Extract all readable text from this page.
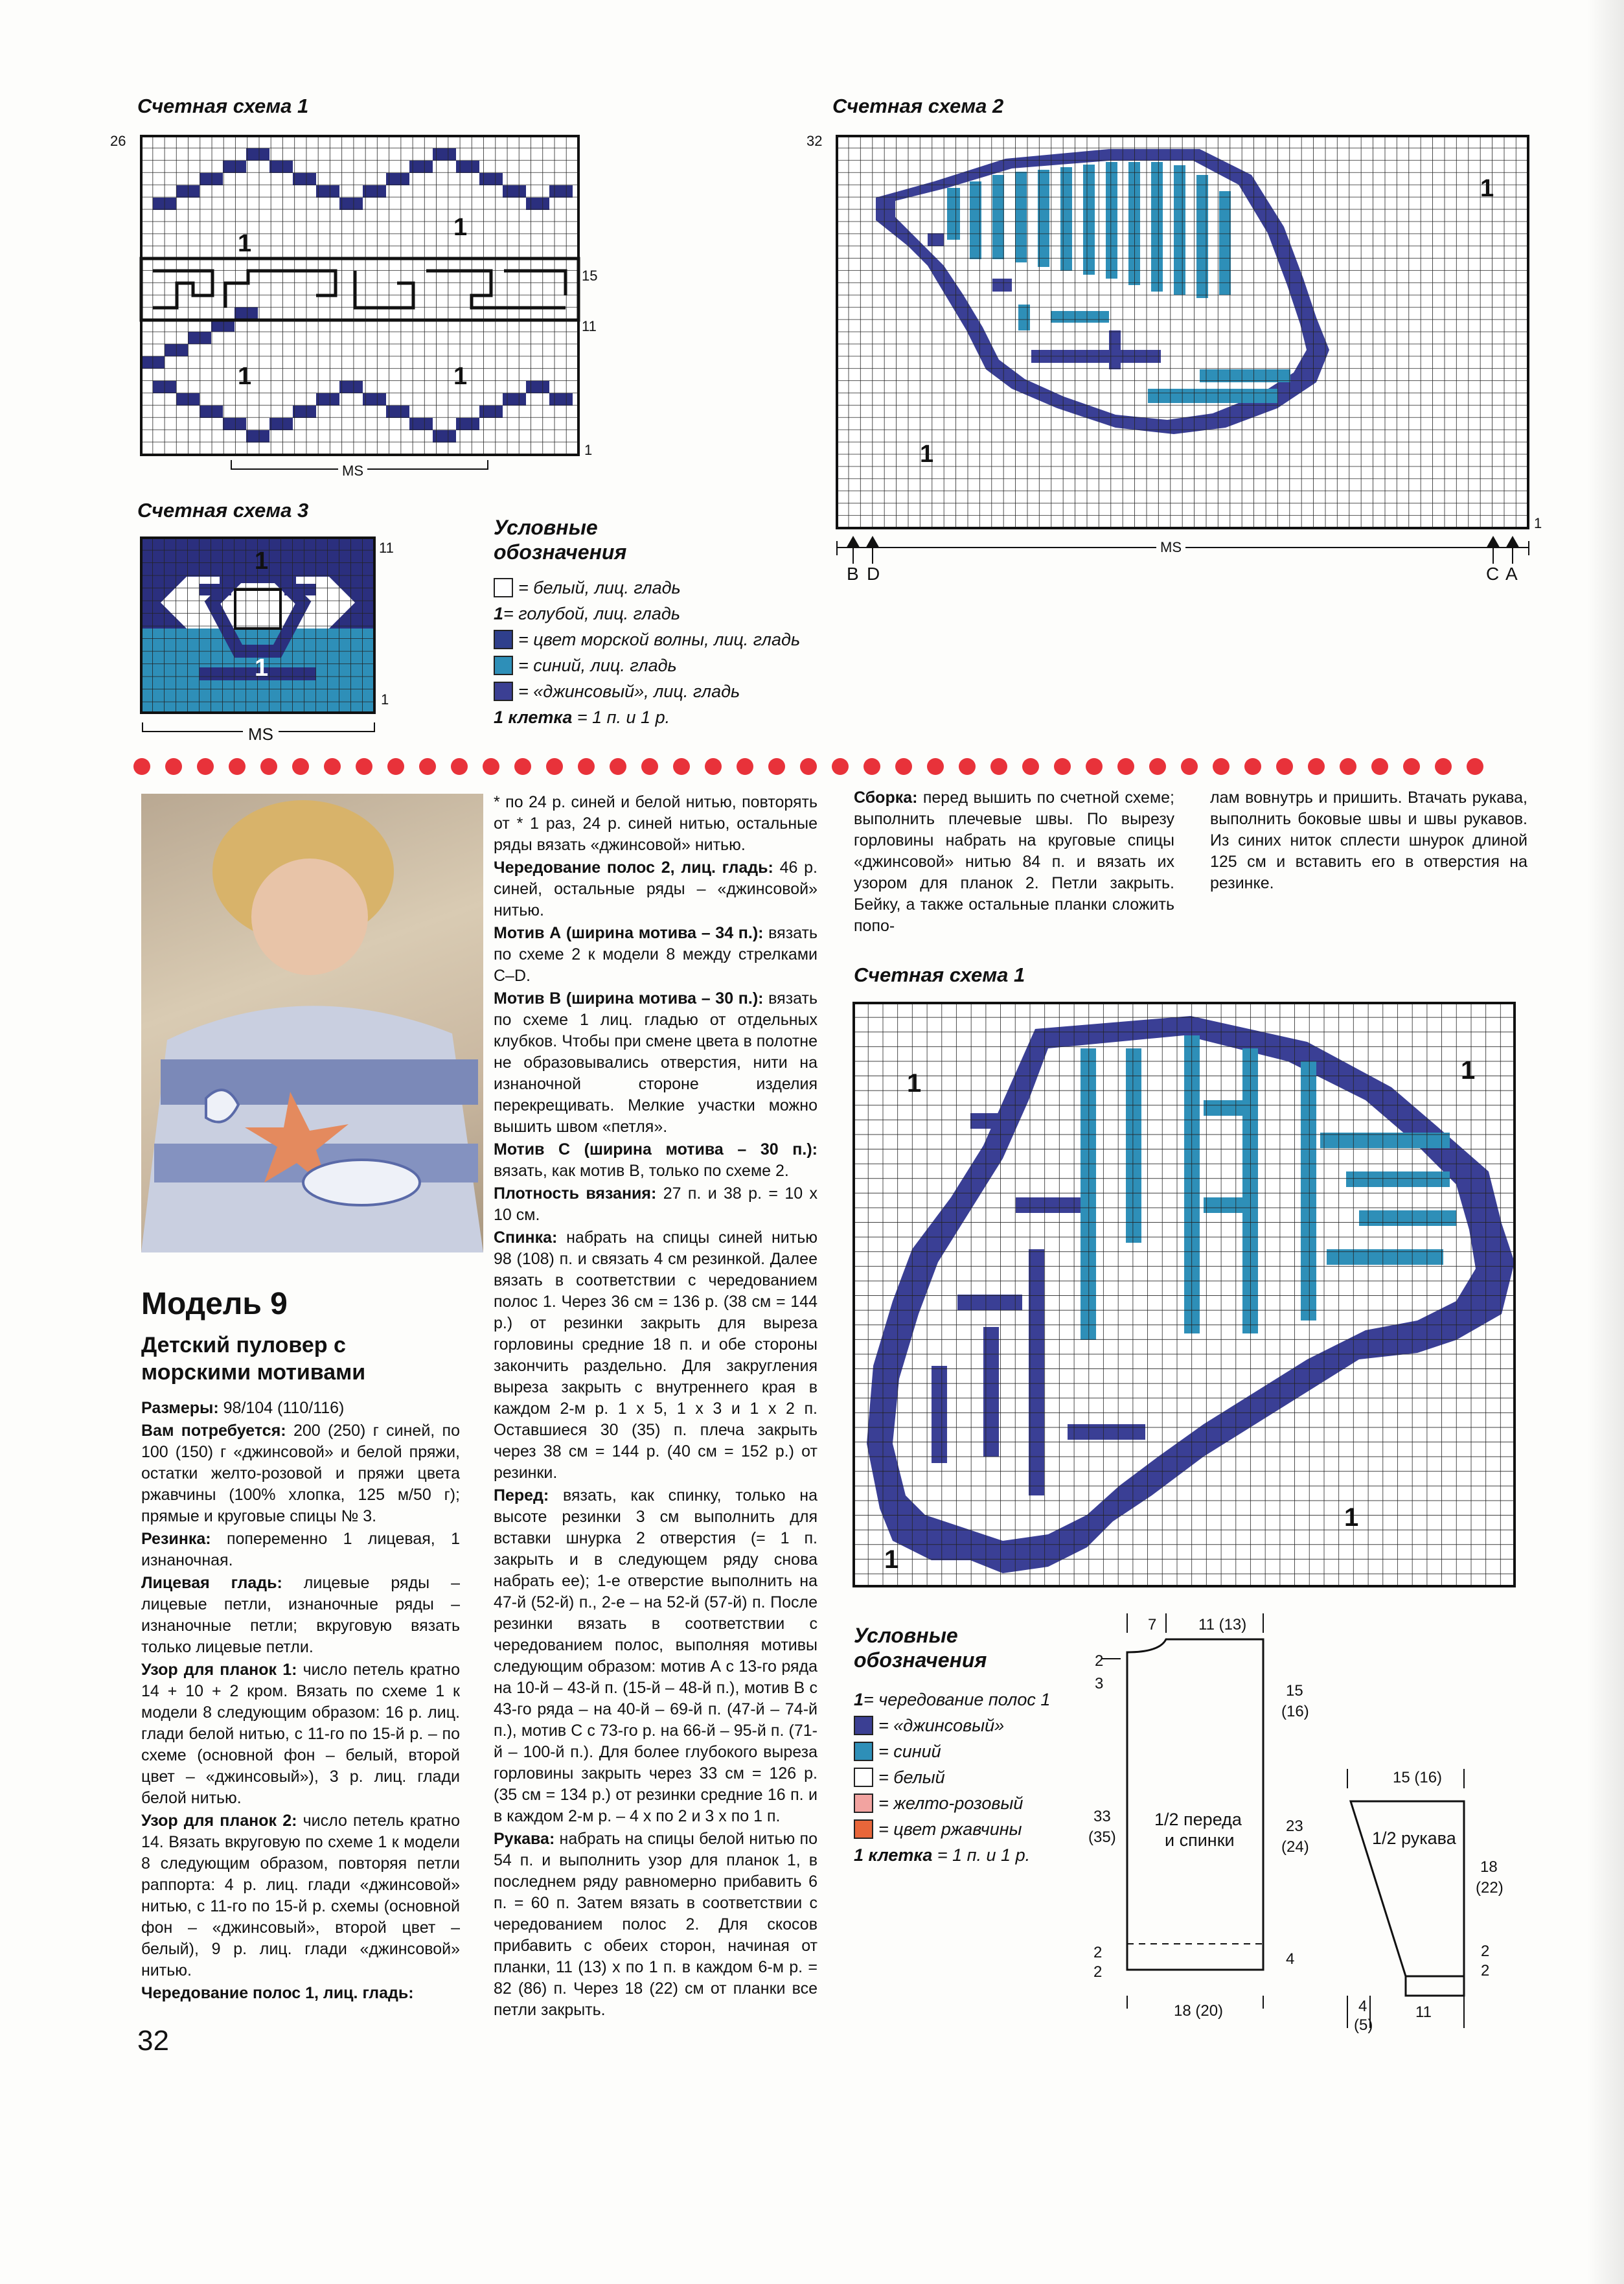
Счетная схема 1
26
15
11
1
1
1
1	1
MS
Счетная схема 2
32
1
1
1
MS
B D	C A
Счетная схема 3
11
1
1
1
MS
Условные
обозначения
= белый, лиц. гладь
1 = голубой, лиц. гладь
= цвет морской волны, лиц. гладь
= синий, лиц. гладь
= «джинсовый», лиц. гладь
1 клетка
= 1 п. и 1 р.
Модель 9
Детский пуловер с
морскими мотивами

Размеры: 98/104 (110/116)

Вам потребуется: 200 (250) г синей, по 100 (150) г «джинсовой» и белой пряжи, остатки желто-розовой и пряжи цвета ржавчины (100% хлопка, 125 м/50 г); прямые и круговые спицы № 3.

Резинка: попеременно 1 лицевая, 1 изнаночная.

Лицевая гладь: лицевые ряды – лицевые петли, изнаночные ряды – изнаночные петли; вкруговую вязать только лицевые петли.

Узор для планок 1: число петель кратно 14 + 10 + 2 кром. Вязать по схеме 1 к модели 8 следующим образом: 16 р. лиц. глади белой нитью, с 11-го по 15-й р. – по схеме (основной фон – белый, второй цвет – «джинсовый»), 3 р. лиц. глади белой нитью.

Узор для планок 2: число петель кратно 14. Вязать вкруговую по схеме 1 к модели 8 следующим образом, повторяя петли раппорта: 4 р. лиц. глади «джинсовой» нитью, с 11-го по 15-й р. схемы (основной фон – «джинсовый», второй цвет – белый), 9 р. лиц. глади «джинсовой» нитью.

Чередование полос 1, лиц. гладь:

* по 24 р. синей и белой нитью, повторять от * 1 раз, 24 р. синей нитью, остальные ряды вязать «джинсовой» нитью.

Чередование полос 2, лиц. гладь: 46 р. синей, остальные ряды – «джинсовой» нитью.

Мотив А (ширина мотива – 34 п.): вязать по схеме 2 к модели 8 между стрелками С–D.

Мотив В (ширина мотива – 30 п.): вязать по схеме 1 лиц. гладью от отдельных клубков. Чтобы при смене цвета в полотне не образовывались отверстия, нити на изнаночной стороне изделия перекрещивать. Мелкие участки можно вышить швом «петля».

Мотив С (ширина мотива – 30 п.): вязать, как мотив В, только по схеме 2.

Плотность вязания: 27 п. и 38 р. = 10 х 10 см.

Спинка: набрать на спицы синей нитью 98 (108) п. и связать 4 см резинкой. Далее вязать в соответствии с чередованием полос 1. Через 36 см = 136 р. (38 см = 144 р.) от резинки закрыть для выреза горловины средние 18 п. и обе стороны закончить раздельно. Для закругления выреза закрыть с внутреннего края в каждом 2-м р. 1 х 5, 1 х 3 и 1 х 2 п. Оставшиеся 30 (35) п. плеча закрыть через 38 см = 144 р. (40 см = 152 р.) от резинки.

Перед: вязать, как спинку, только на высоте резинки 3 см выполнить для вставки шнурка 2 отверстия (= 1 п. закрыть и в следующем ряду снова набрать ее); 1-е отверстие выполнить на 47-й (52-й) п., 2-е – на 52-й (57-й) п. После резинки вязать в соответствии с чередованием полос, выполняя мотивы следующим образом: мотив А с 13-го ряда на 10-й – 43-й п. (15-й – 48-й п.), мотив В с 43-го ряда – на 40-й – 69-й п. (47-й – 74-й п.), мотив С с 73-го р. на 66-й – 95-й п. (71-й – 100-й п.). Для более глубокого выреза горловины закрыть через 33 см = 126 р. (35 см = 134 р.) от резинки средние 16 п. и в каждом 2-м р. – 4 х по 2 и 3 х по 1 п.

Рукава: набрать на спицы белой нитью по 54 п. и выполнить узор для планок 1, в последнем ряду равномерно прибавить 6 п. = 60 п. Затем вязать в соответствии с чередованием полос 2. Для скосов прибавить с обеих сторон, начиная от планки, 11 (13) х по 1 п. в каждом 6-м р. = 82 (86) п. Через 18 (22) см от планки все петли закрыть.

Сборка: перед вышить по счетной схеме; выполнить плечевые швы. По вырезу горловины набрать на круговые спицы «джинсовой» нитью 84 п. и вязать их узором для планок 2. Петли закрыть. Бейку, а также остальные планки сложить попо-

лам вовнутрь и пришить. Втачать рукава, выполнить боковые швы и швы рукавов. Из синих ниток сплести шнурок длиной 125 см и вставить его в отверстия на резинке.

32
Счетная схема 1
1	1
1
1
Условные
обозначения
1 = чередование полос 1
= «джинсовый»
= синий
= белый
= желто-розовый
= цвет ржавчины
1 клетка
= 1 п. и 1 р.
7	11 (13)
2
3	15
(16)
33
(35)
1/2 переда
и спинки
23
(24)
2
2
4
18 (20)
15 (16)
1/2 рукава
18
(22)
2
2
4
(5)
11
